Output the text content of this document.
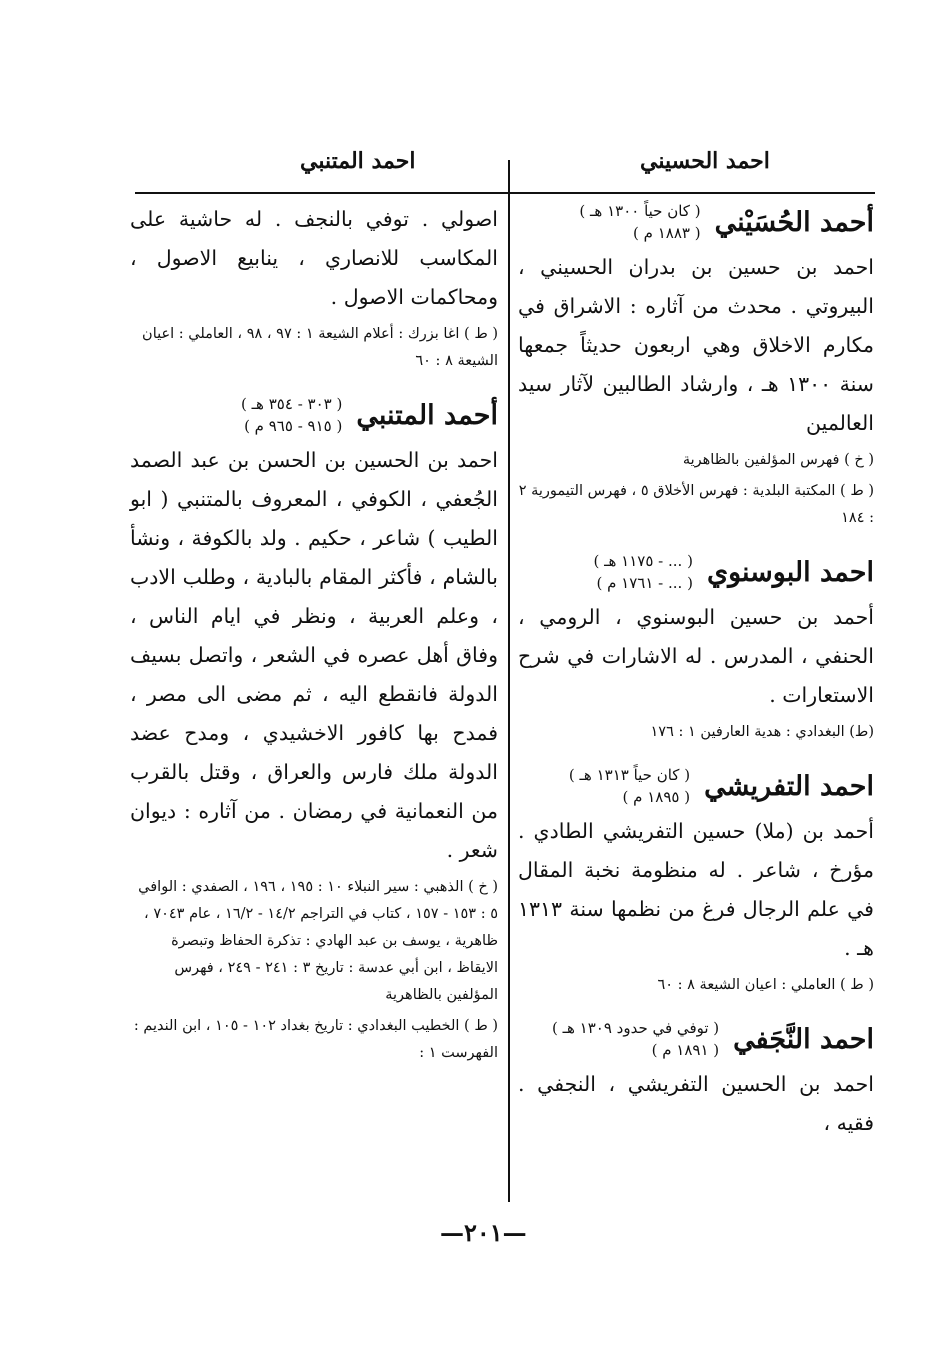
احمد المتنبي	احمد الحسيني
أحمد الحُسَيْني
( كان حياً ١٣٠٠ هـ )
( ١٨٨٣ م )
احمد بن حسين بن بدران الحسيني ، البيروتي . محدث من آثاره : الاشراق في مكارم الاخلاق وهي اربعون حديثاً جمعها سنة ١٣٠٠ هـ ، وارشاد الطالبين لآثار سيد العالمين
( خ ) فهرس المؤلفين بالظاهرية
( ط ) المكتبة البلدية : فهرس الأخلاق ٥ ، فهرس التيمورية ٢ : ١٨٤
احمد البوسنوي
( ... - ١١٧٥ هـ )
( ... - ١٧٦١ م )
أحمد بن حسين البوسنوي ، الرومي ، الحنفي ، المدرس . له الاشارات في شرح الاستعارات .
(ط) البغدادي : هدية العارفين ١ : ١٧٦
احمد التفريشي
( كان حياً ١٣١٣ هـ )
( ١٨٩٥ م )
أحمد بن (ملا) حسين التفريشي الطادي . مؤرخ ، شاعر . له منظومة نخبة المقال في علم الرجال فرغ من نظمها سنة ١٣١٣ هـ .
( ط ) العاملي : اعيان الشيعة ٨ : ٦٠
احمد النَّجَفي
( توفي في حدود ١٣٠٩ هـ )
( ١٨٩١ م )
احمد بن الحسين التفريشي ، النجفي . فقيه ،
اصولي . توفي بالنجف . له حاشية على المكاسب للانصاري ، ينابيع الاصول ، ومحاكمات الاصول .
( ط ) اغا بزرك : أعلام الشيعة ١ : ٩٧ ، ٩٨ ، العاملي : اعيان الشيعة ٨ : ٦٠
أحمد المتنبي
( ٣٠٣ - ٣٥٤ هـ )
( ٩١٥ - ٩٦٥ م )
احمد بن الحسين بن الحسن بن عبد الصمد الجُعفي ، الكوفي ، المعروف بالمتنبي ( ابو الطيب ) شاعر ، حكيم . ولد بالكوفة ، ونشأ بالشام ، فأكثر المقام بالبادية ، وطلب الادب ، وعلم العربية ، ونظر في ايام الناس ، وفاق أهل عصره في الشعر ، واتصل بسيف الدولة فانقطع اليه ، ثم مضى الى مصر ، فمدح بها كافور الاخشيدي ، ومدح عضد الدولة ملك فارس والعراق ، وقتل بالقرب من النعمانية في رمضان . من آثاره : ديوان شعر .
( خ ) الذهبي : سير النبلاء ١٠ : ١٩٥ ، ١٩٦ ، الصفدي : الوافي ٥ : ١٥٣ - ١٥٧ ، كتاب في التراجم ١٤/٢ - ١٦/٢ ، عام ٧٠٤٣ ، ظاهرية ، يوسف بن عبد الهادي : تذكرة الحفاظ وتبصرة الايقاظ ، ابن أبي عدسة : تاريخ ٣ : ٢٤١ - ٢٤٩ ، فهرس المؤلفين بالظاهرية
( ط ) الخطيب البغدادي : تاريخ بغداد ١٠٢ - ١٠٥ ، ابن النديم : الفهرست ١ :
—٢٠١—
